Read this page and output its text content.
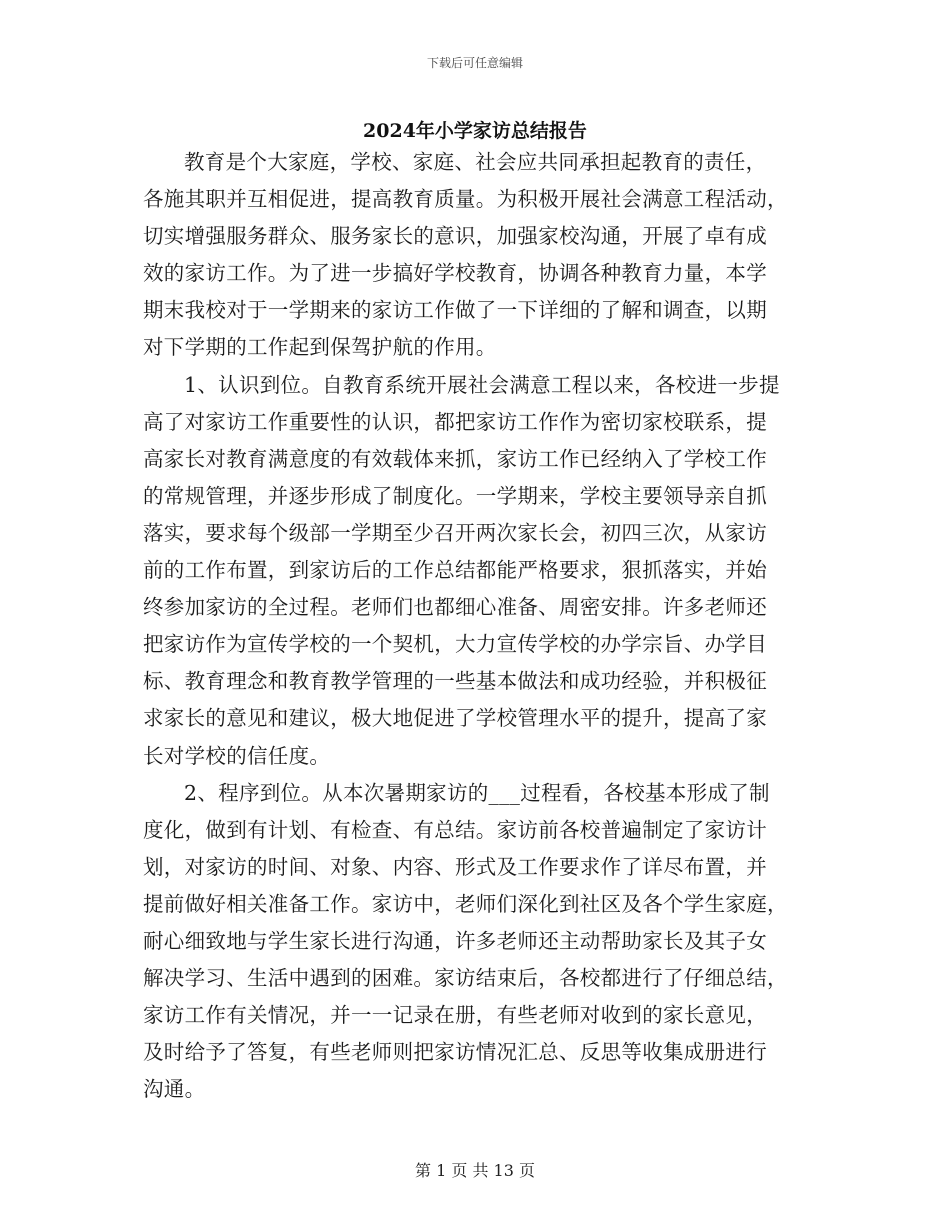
下载后可任意编辑
2024年小学家访总结报告

教育是个大家庭，学校、家庭、社会应共同承担起教育的责任，
各施其职并互相促进，提高教育质量。为积极开展社会满意工程活动，
切实增强服务群众、服务家长的意识，加强家校沟通，开展了卓有成
效的家访工作。为了进一步搞好学校教育，协调各种教育力量，本学
期末我校对于一学期来的家访工作做了一下详细的了解和调查，以期
对下学期的工作起到保驾护航的作用。

1、认识到位。自教育系统开展社会满意工程以来，各校进一步提
高了对家访工作重要性的认识，都把家访工作作为密切家校联系，提
高家长对教育满意度的有效载体来抓，家访工作已经纳入了学校工作
的常规管理，并逐步形成了制度化。一学期来，学校主要领导亲自抓
落实，要求每个级部一学期至少召开两次家长会，初四三次，从家访
前的工作布置，到家访后的工作总结都能严格要求，狠抓落实，并始
终参加家访的全过程。老师们也都细心准备、周密安排。许多老师还
把家访作为宣传学校的一个契机，大力宣传学校的办学宗旨、办学目
标、教育理念和教育教学管理的一些基本做法和成功经验，并积极征
求家长的意见和建议，极大地促进了学校管理水平的提升，提高了家
长对学校的信任度。

2、程序到位。从本次暑期家访的___过程看，各校基本形成了制
度化，做到有计划、有检查、有总结。家访前各校普遍制定了家访计
划，对家访的时间、对象、内容、形式及工作要求作了详尽布置，并
提前做好相关准备工作。家访中，老师们深化到社区及各个学生家庭，
耐心细致地与学生家长进行沟通，许多老师还主动帮助家长及其子女
解决学习、生活中遇到的困难。家访结束后，各校都进行了仔细总结，
家访工作有关情况，并一一记录在册，有些老师对收到的家长意见，
及时给予了答复，有些老师则把家访情况汇总、反思等收集成册进行
沟通。

第 1 页 共 13 页
